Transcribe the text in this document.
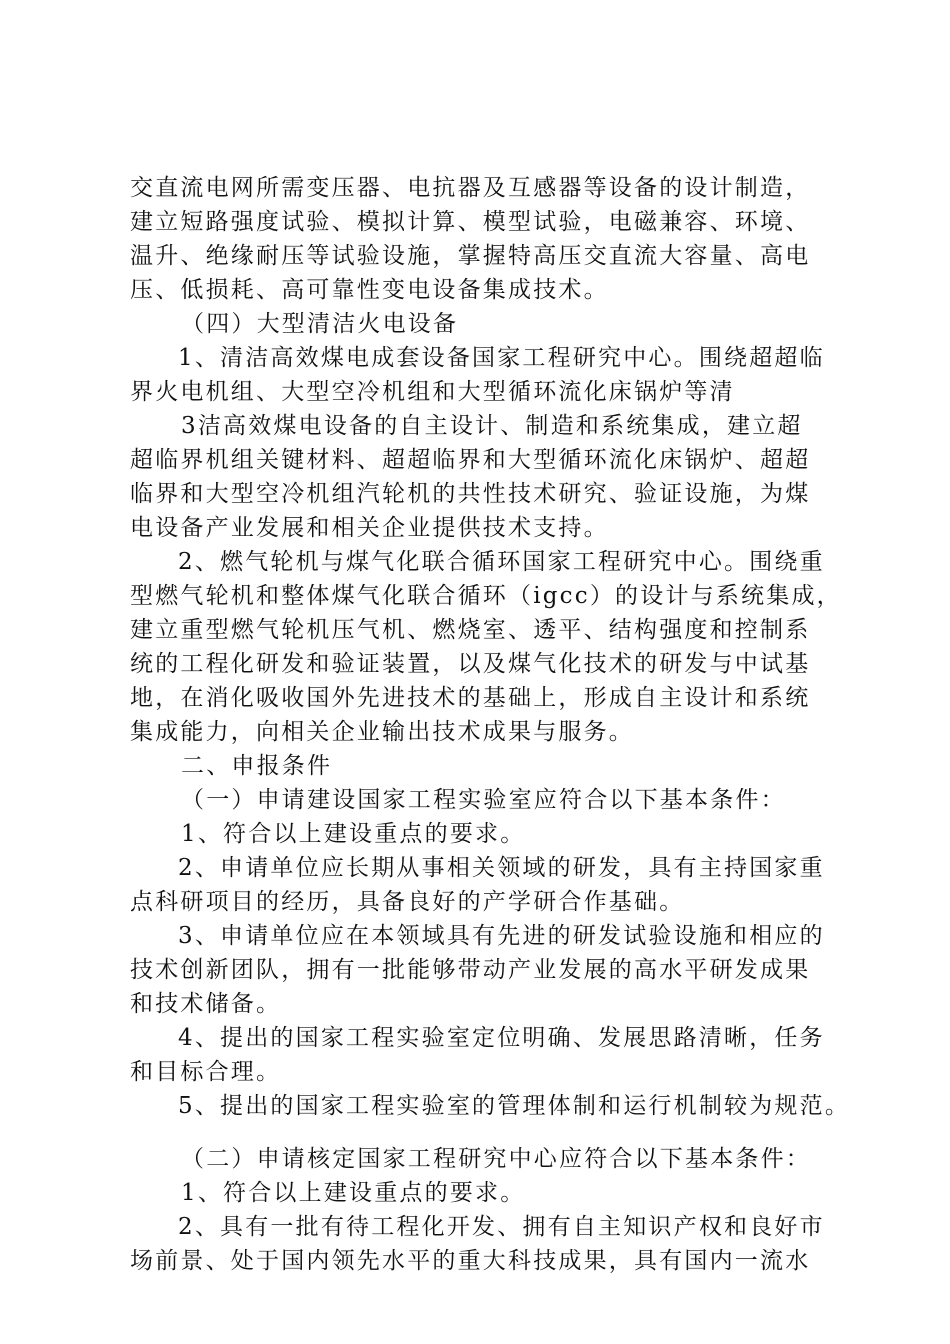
交直流电网所需变压器、电抗器及互感器等设备的设计制造，
建立短路强度试验、模拟计算、模型试验，电磁兼容、环境、
温升、绝缘耐压等试验设施，掌握特高压交直流大容量、高电
压、低损耗、高可靠性变电设备集成技术。
（四）大型清洁火电设备
1、清洁高效煤电成套设备国家工程研究中心。围绕超超临
界火电机组、大型空冷机组和大型循环流化床锅炉等清
3洁高效煤电设备的自主设计、制造和系统集成，建立超
超临界机组关键材料、超超临界和大型循环流化床锅炉、超超
临界和大型空冷机组汽轮机的共性技术研究、验证设施，为煤
电设备产业发展和相关企业提供技术支持。
2、燃气轮机与煤气化联合循环国家工程研究中心。围绕重
型燃气轮机和整体煤气化联合循环（igcc）的设计与系统集成，
建立重型燃气轮机压气机、燃烧室、透平、结构强度和控制系
统的工程化研发和验证装置，以及煤气化技术的研发与中试基
地，在消化吸收国外先进技术的基础上，形成自主设计和系统
集成能力，向相关企业输出技术成果与服务。
二、申报条件
（一）申请建设国家工程实验室应符合以下基本条件：
1、符合以上建设重点的要求。
2、申请单位应长期从事相关领域的研发，具有主持国家重
点科研项目的经历，具备良好的产学研合作基础。
3、申请单位应在本领域具有先进的研发试验设施和相应的
技术创新团队，拥有一批能够带动产业发展的高水平研发成果
和技术储备。
4、提出的国家工程实验室定位明确、发展思路清晰，任务
和目标合理。
5、提出的国家工程实验室的管理体制和运行机制较为规范。
（二）申请核定国家工程研究中心应符合以下基本条件：
1、符合以上建设重点的要求。
2、具有一批有待工程化开发、拥有自主知识产权和良好市
场前景、处于国内领先水平的重大科技成果，具有国内一流水
